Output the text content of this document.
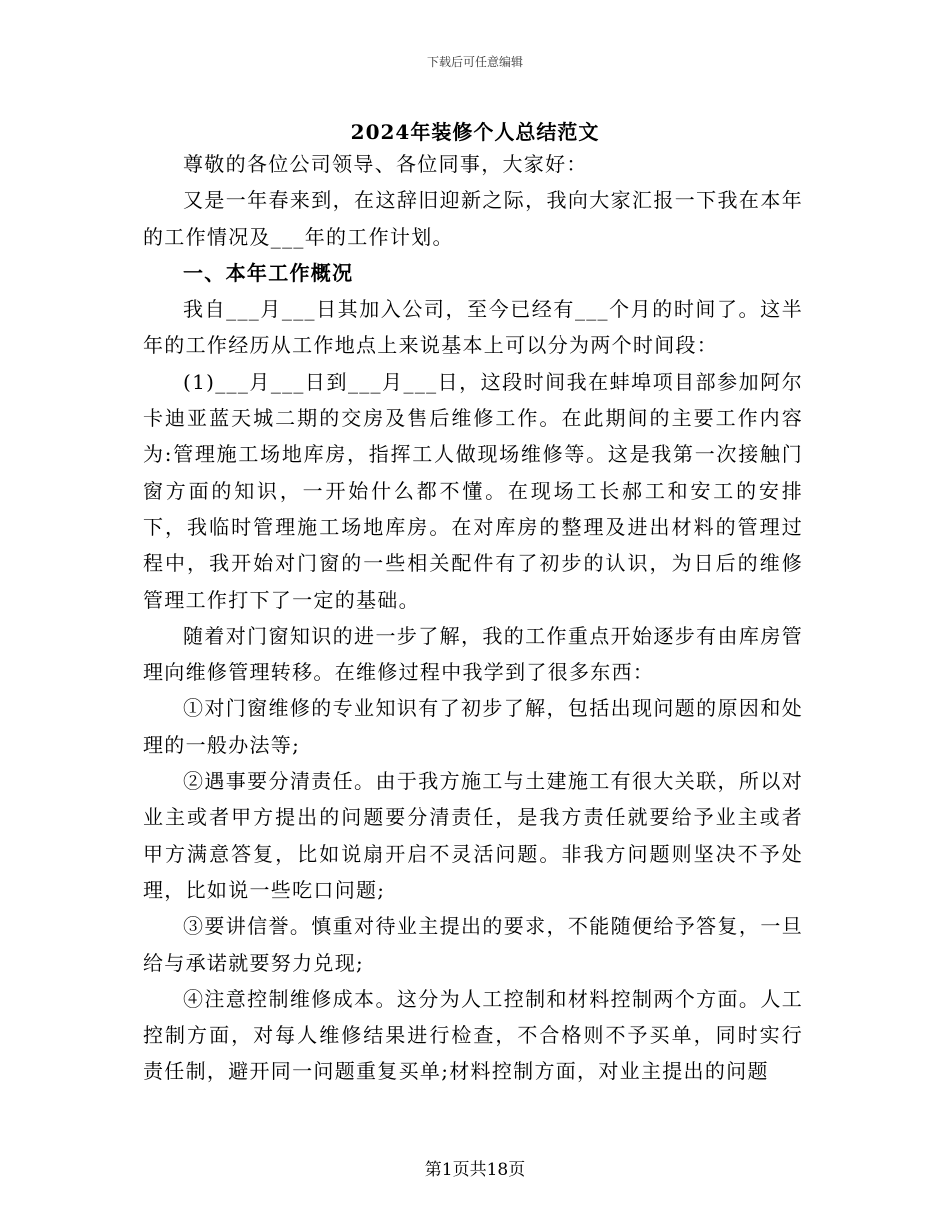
下载后可任意编辑
2024年装修个人总结范文

尊敬的各位公司领导、各位同事，大家好：

又是一年春来到，在这辞旧迎新之际，我向大家汇报一下我在本年的工作情况及___年的工作计划。

一、本年工作概况

我自___月___日其加入公司，至今已经有___个月的时间了。这半年的工作经历从工作地点上来说基本上可以分为两个时间段：

(1)___月___日到___月___日，这段时间我在蚌埠项目部参加阿尔卡迪亚蓝天城二期的交房及售后维修工作。在此期间的主要工作内容为:管理施工场地库房，指挥工人做现场维修等。这是我第一次接触门窗方面的知识，一开始什么都不懂。在现场工长郝工和安工的安排下，我临时管理施工场地库房。在对库房的整理及进出材料的管理过程中，我开始对门窗的一些相关配件有了初步的认识，为日后的维修管理工作打下了一定的基础。

随着对门窗知识的进一步了解，我的工作重点开始逐步有由库房管理向维修管理转移。在维修过程中我学到了很多东西：

①对门窗维修的专业知识有了初步了解，包括出现问题的原因和处理的一般办法等;

②遇事要分清责任。由于我方施工与土建施工有很大关联，所以对业主或者甲方提出的问题要分清责任，是我方责任就要给予业主或者甲方满意答复，比如说扇开启不灵活问题。非我方问题则坚决不予处理，比如说一些吃口问题;

③要讲信誉。慎重对待业主提出的要求，不能随便给予答复，一旦给与承诺就要努力兑现;

④注意控制维修成本。这分为人工控制和材料控制两个方面。人工控制方面，对每人维修结果进行检查，不合格则不予买单，同时实行责任制，避开同一问题重复买单;材料控制方面，对业主提出的问题

第1页共18页
